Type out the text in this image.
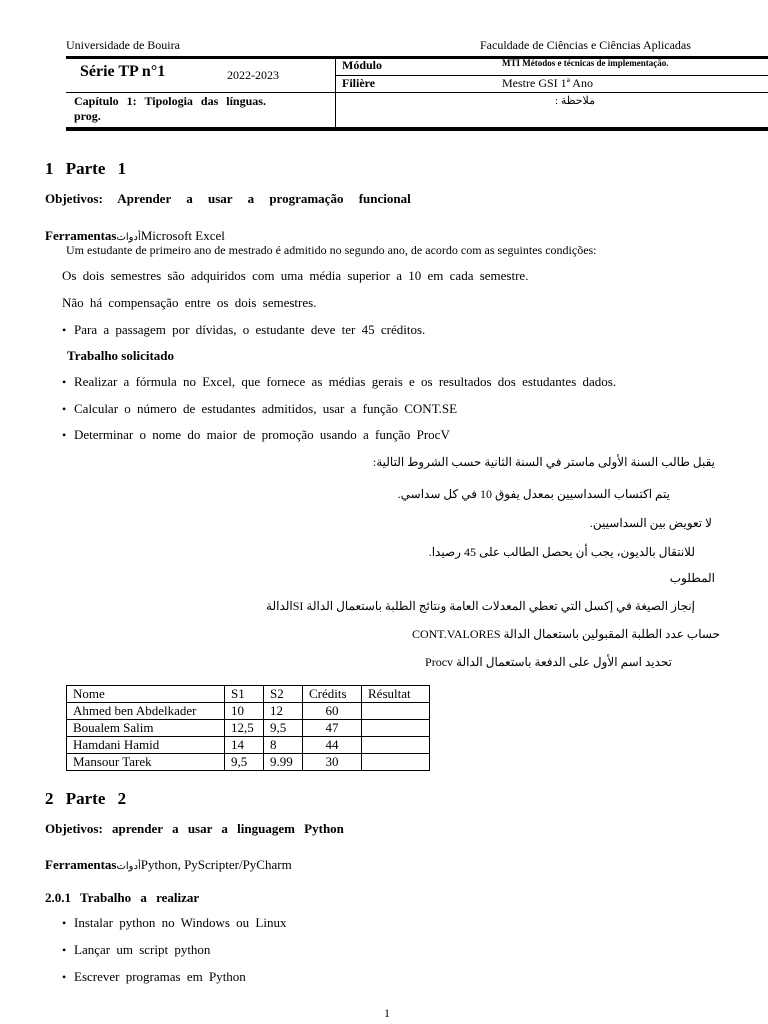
Universidade de Bouira	Faculdade de Ciências e Ciências Aplicadas
Série TP n°1	2022-2023
Módulo	MTI Métodos e técnicas de implementação.
Filière	Mestre GSI 1ª Ano
Capítulo 1: Tipologia das línguas.
prog.
ملاحظة :
1 Parte 1
Objetivos: Aprender a usar a programação funcional
FerramentasأدواتMicrosoft Excel
Um estudante de primeiro ano de mestrado é admitido no segundo ano, de acordo com as seguintes condições:
Os dois semestres são adquiridos com uma média superior a 10 em cada semestre.
Não há compensação entre os dois semestres.
• Para a passagem por dívidas, o estudante deve ter 45 créditos.
Trabalho solicitado
• Realizar a fórmula no Excel, que fornece as médias gerais e os resultados dos estudantes dados.
• Calcular o número de estudantes admitidos, usar a função CONT.SE
• Determinar o nome do maior de promoção usando a função ProcV
يقبل طالب السنة الأولى ماستر في السنة الثانية حسب الشروط التالية:
يتم اكتساب السداسيين بمعدل يفوق 10 في كل سداسي.
لا تعويض بين السداسيين.
للانتقال بالديون، يجب أن يحصل الطالب على 45 رصيدا.
المطلوب
إنجاز الصيغة في إكسل التي تعطي المعدلات العامة ونتائج الطلبة باستعمال الدالة SIالدالة
حساب عدد الطلبة المقبولين باستعمال الدالة CONT.VALORES
تحديد اسم الأول على الدفعة باستعمال الدالة Procv
Nome	S1	S2	Crédits	Résultat
Ahmed ben Abdelkader	10	12	60	
Boualem Salim	12,5	9,5	47	
Hamdani Hamid	14	8	44	
Mansour Tarek	9,5	9.99	30	
2 Parte 2
Objetivos: aprender a usar a linguagem Python
FerramentasأدواتPython, PyScripter/PyCharm
2.0.1 Trabalho a realizar
• Instalar python no Windows ou Linux
• Lançar um script python
• Escrever programas em Python
1
